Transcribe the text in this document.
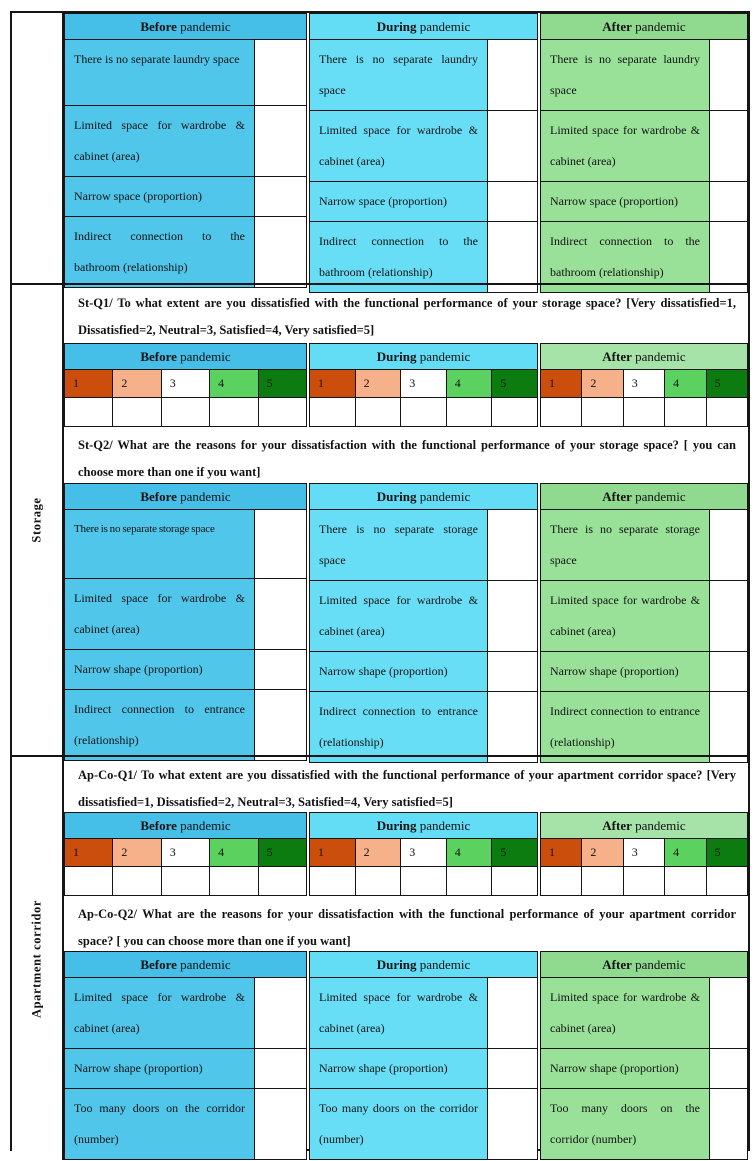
Before pandemic	
There is no separate laundry space	
Limited space for wardrobe & cabinet (area)	
Narrow space (proportion)	
Indirect connection to the bathroom (relationship)	
During pandemic	
There is no separate laundry space	
Limited space for wardrobe & cabinet (area)	
Narrow space (proportion)	
Indirect connection to the bathroom (relationship)	
After pandemic	
There is no separate laundry space	
Limited space for wardrobe & cabinet (area)	
Narrow space (proportion)	
Indirect connection to the bathroom (relationship)	
Storage

St-Q1/ To what extent are you dissatisfied with the functional performance of your storage space? [Very dissatisfied=1, Dissatisfied=2, Neutral=3, Satisfied=4, Very satisfied=5]

Before pandemic				
1	2	3	4	5

During pandemic				
1	2	3	4	5

After pandemic				
1	2	3	4	5

St-Q2/ What are the reasons for your dissatisfaction with the functional performance of your storage space? [ you can choose more than one if you want]

Before pandemic	
There is no separate storage space	
Limited space for wardrobe & cabinet (area)	
Narrow shape (proportion)	
Indirect connection to entrance (relationship)	
During pandemic	
There is no separate storage space	
Limited space for wardrobe & cabinet (area)	
Narrow shape (proportion)	
Indirect connection to entrance (relationship)	
After pandemic	
There is no separate storage space	
Limited space for wardrobe & cabinet (area)	
Narrow shape (proportion)	
Indirect connection to entrance (relationship)	
Apartment corridor

Ap-Co-Q1/ To what extent are you dissatisfied with the functional performance of your apartment corridor space? [Very dissatisfied=1, Dissatisfied=2, Neutral=3, Satisfied=4, Very satisfied=5]

Before pandemic				
1	2	3	4	5

During pandemic				
1	2	3	4	5

After pandemic				
1	2	3	4	5

Ap-Co-Q2/ What are the reasons for your dissatisfaction with the functional performance of your apartment corridor space? [ you can choose more than one if you want]

Before pandemic	
Limited space for wardrobe & cabinet (area)	
Narrow shape (proportion)	
Too many doors on the corridor (number)	
During pandemic	
Limited space for wardrobe & cabinet (area)	
Narrow shape (proportion)	
Too many doors on the corridor (number)	
After pandemic	
Limited space for wardrobe & cabinet (area)	
Narrow shape (proportion)	
Too many doors on the corridor (number)	
